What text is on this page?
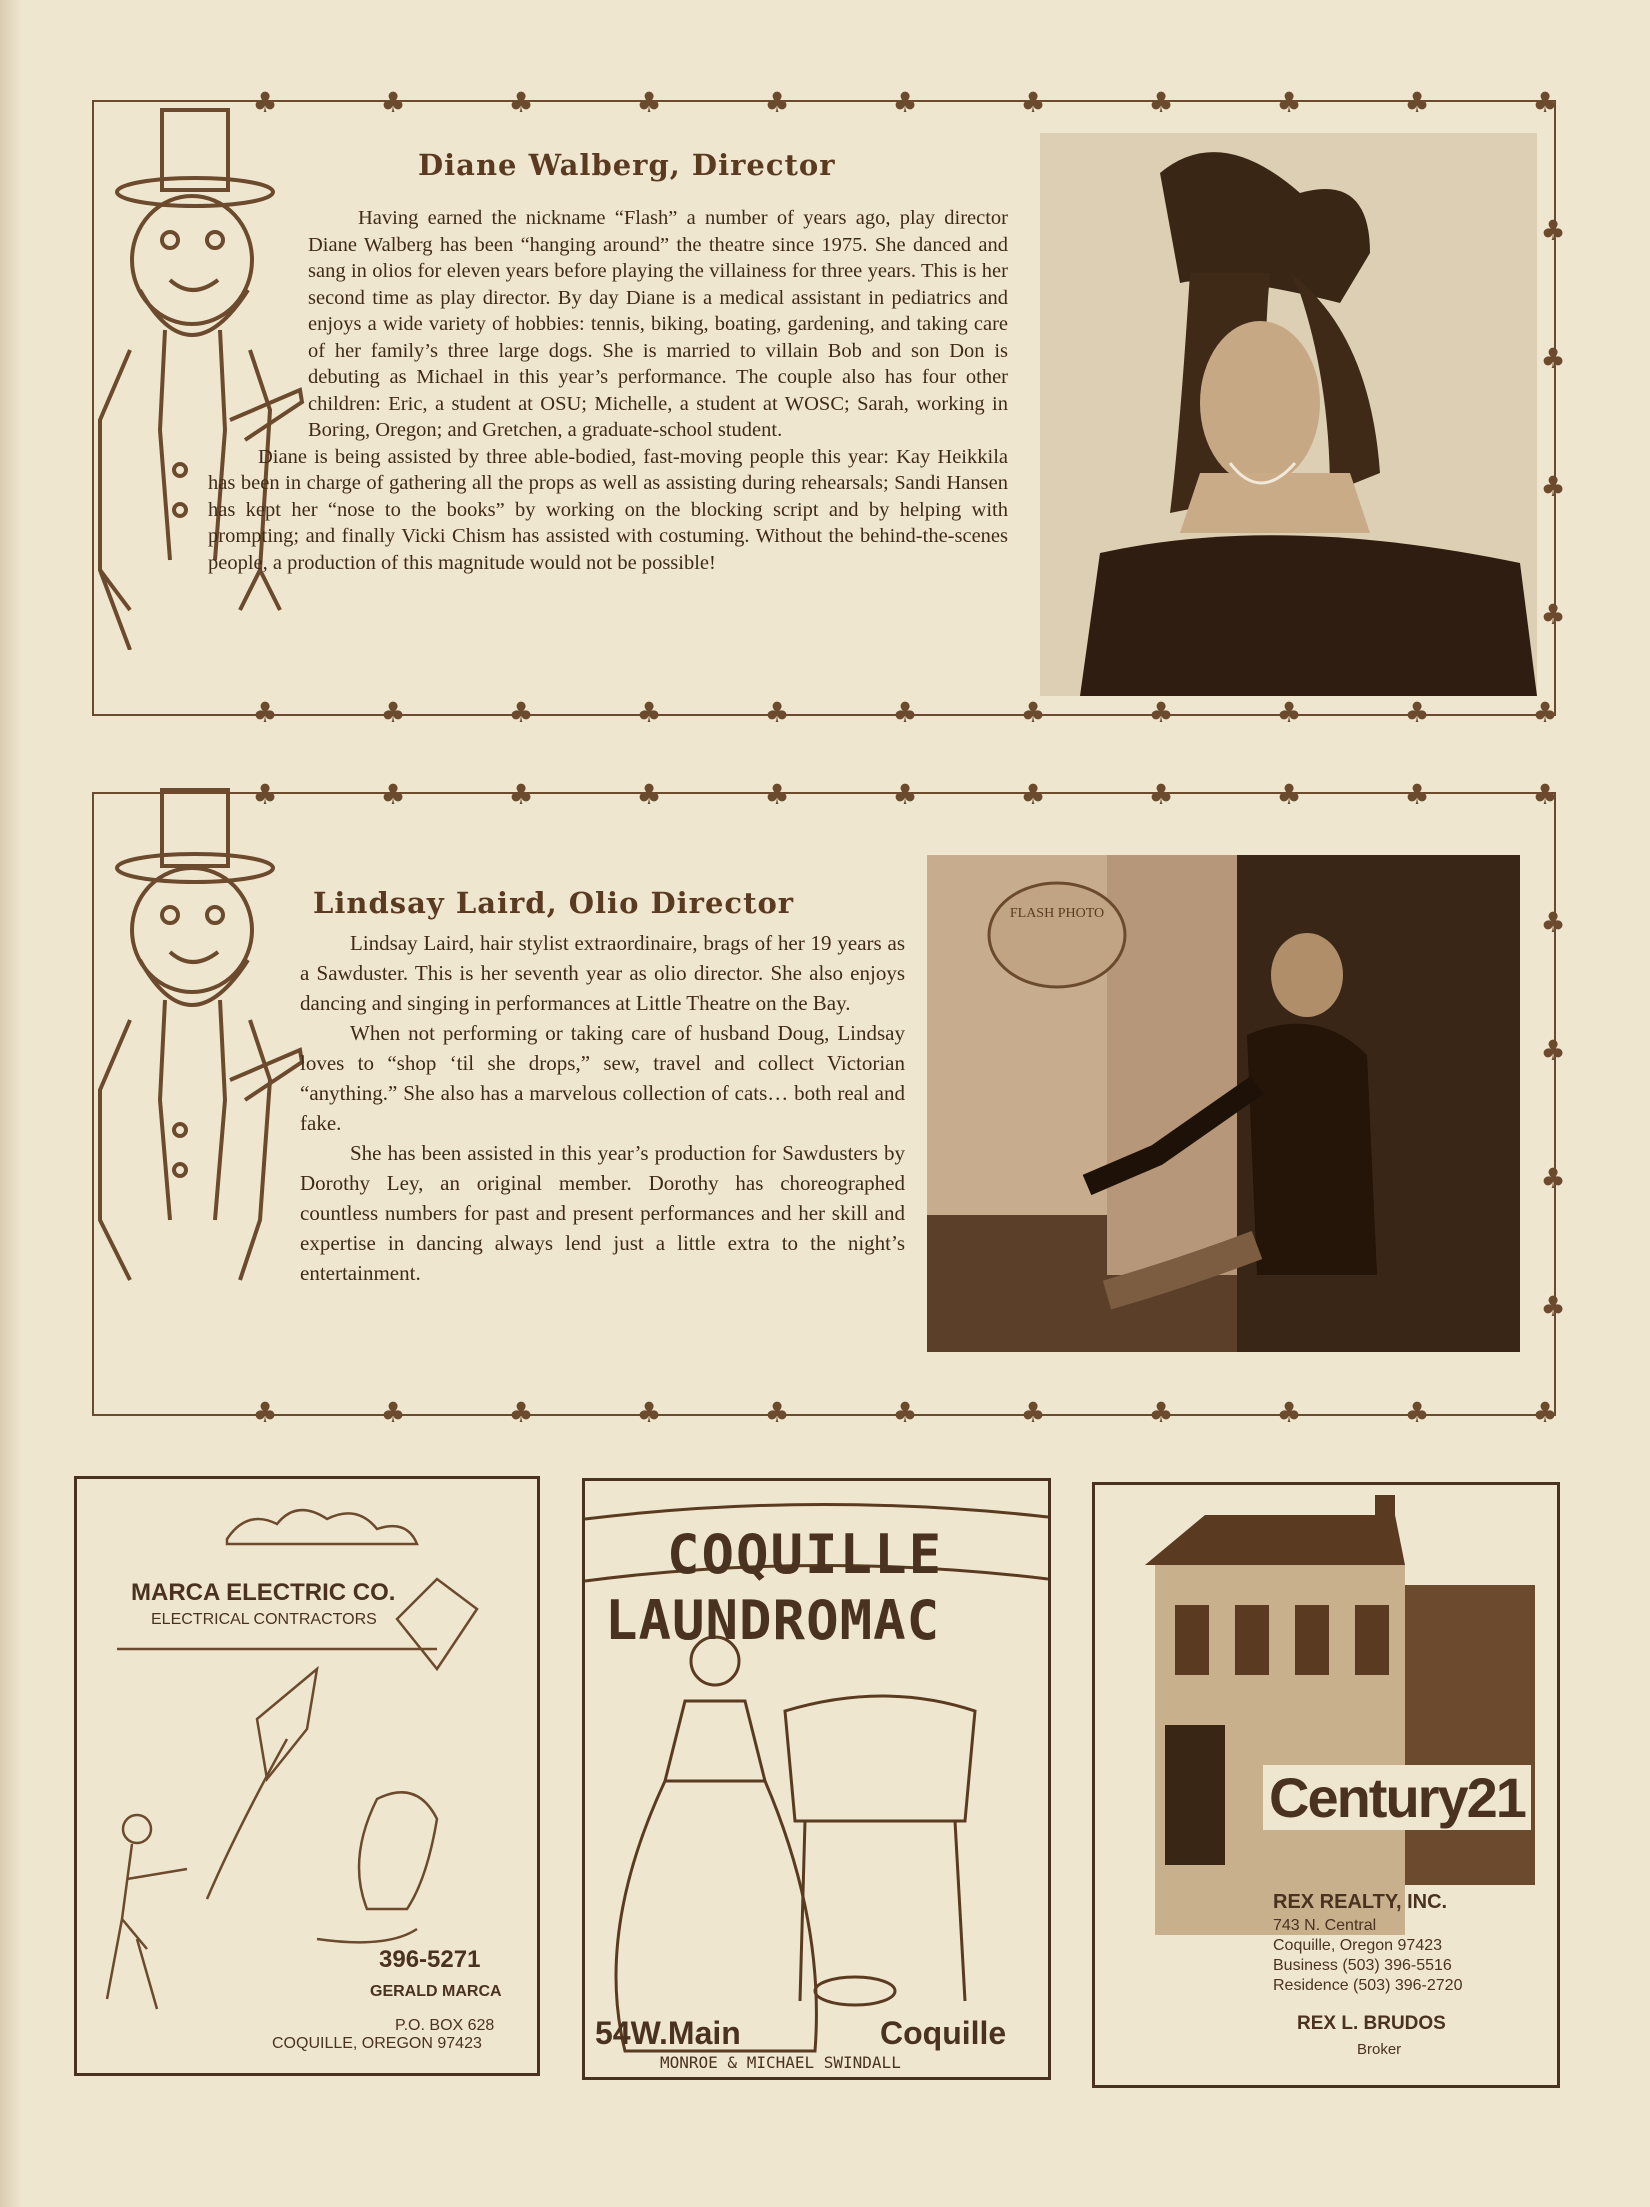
♣
♣
♣
♣
♣
♣
♣
♣
♣
♣
♣
♣
♣
♣
♣
♣
♣
♣
♣
♣
♣
♣
♣
♣
♣
♣
Diane Walberg, Director

Having earned the nickname “Flash” a number of years ago, play director Diane Walberg has been “hanging around” the theatre since 1975. She danced and sang in olios for eleven years before playing the villainess for three years. This is her second time as play director. By day Diane is a medical assistant in pediatrics and enjoys a wide variety of hobbies: tennis, biking, boating, gardening, and taking care of her family’s three large dogs. She is married to villain Bob and son Don is debuting as Michael in this year’s performance. The couple also has four other children: Eric, a student at OSU; Michelle, a student at WOSC; Sarah, working in Boring, Oregon; and Gretchen, a graduate-school student.

Diane is being assisted by three able-bodied, fast-moving people this year: Kay Heikkila has been in charge of gathering all the props as well as assisting during rehearsals; Sandi Hansen has kept her “nose to the books” by working on the blocking script and by helping with prompting; and finally Vicki Chism has assisted with costuming. Without the behind-the-scenes people, a production of this magnitude would not be possible!

♣
♣
♣
♣
♣
♣
♣
♣
♣
♣
♣
♣
♣
♣
♣
♣
♣
♣
♣
♣
♣
♣
♣
♣
♣
♣
Lindsay Laird, Olio Director

Lindsay Laird, hair stylist extraordinaire, brags of her 19 years as a Sawduster. This is her seventh year as olio director. She also enjoys dancing and singing in performances at Little Theatre on the Bay.

When not performing or taking care of husband Doug, Lindsay loves to “shop ‘til she drops,” sew, travel and collect Victorian “anything.” She also has a marvelous collection of cats… both real and fake.

She has been assisted in this year’s production for Sawdusters by Dorothy Ley, an original member. Dorothy has choreographed countless numbers for past and present performances and her skill and expertise in dancing always lend just a little extra to the night’s entertainment.

FLASH PHOTO
MARCA ELECTRIC CO.
ELECTRICAL CONTRACTORS
396-5271
GERALD MARCA
P.O. BOX 628
COQUILLE, OREGON 97423
COQUILLE
LAUNDROMAC
54W.Main	Coquille
MONROE & MICHAEL SWINDALL
Century21
REX REALTY, INC.
743 N. Central
Coquille, Oregon 97423
Business (503) 396-5516
Residence (503) 396-2720
REX L. BRUDOS
Broker
